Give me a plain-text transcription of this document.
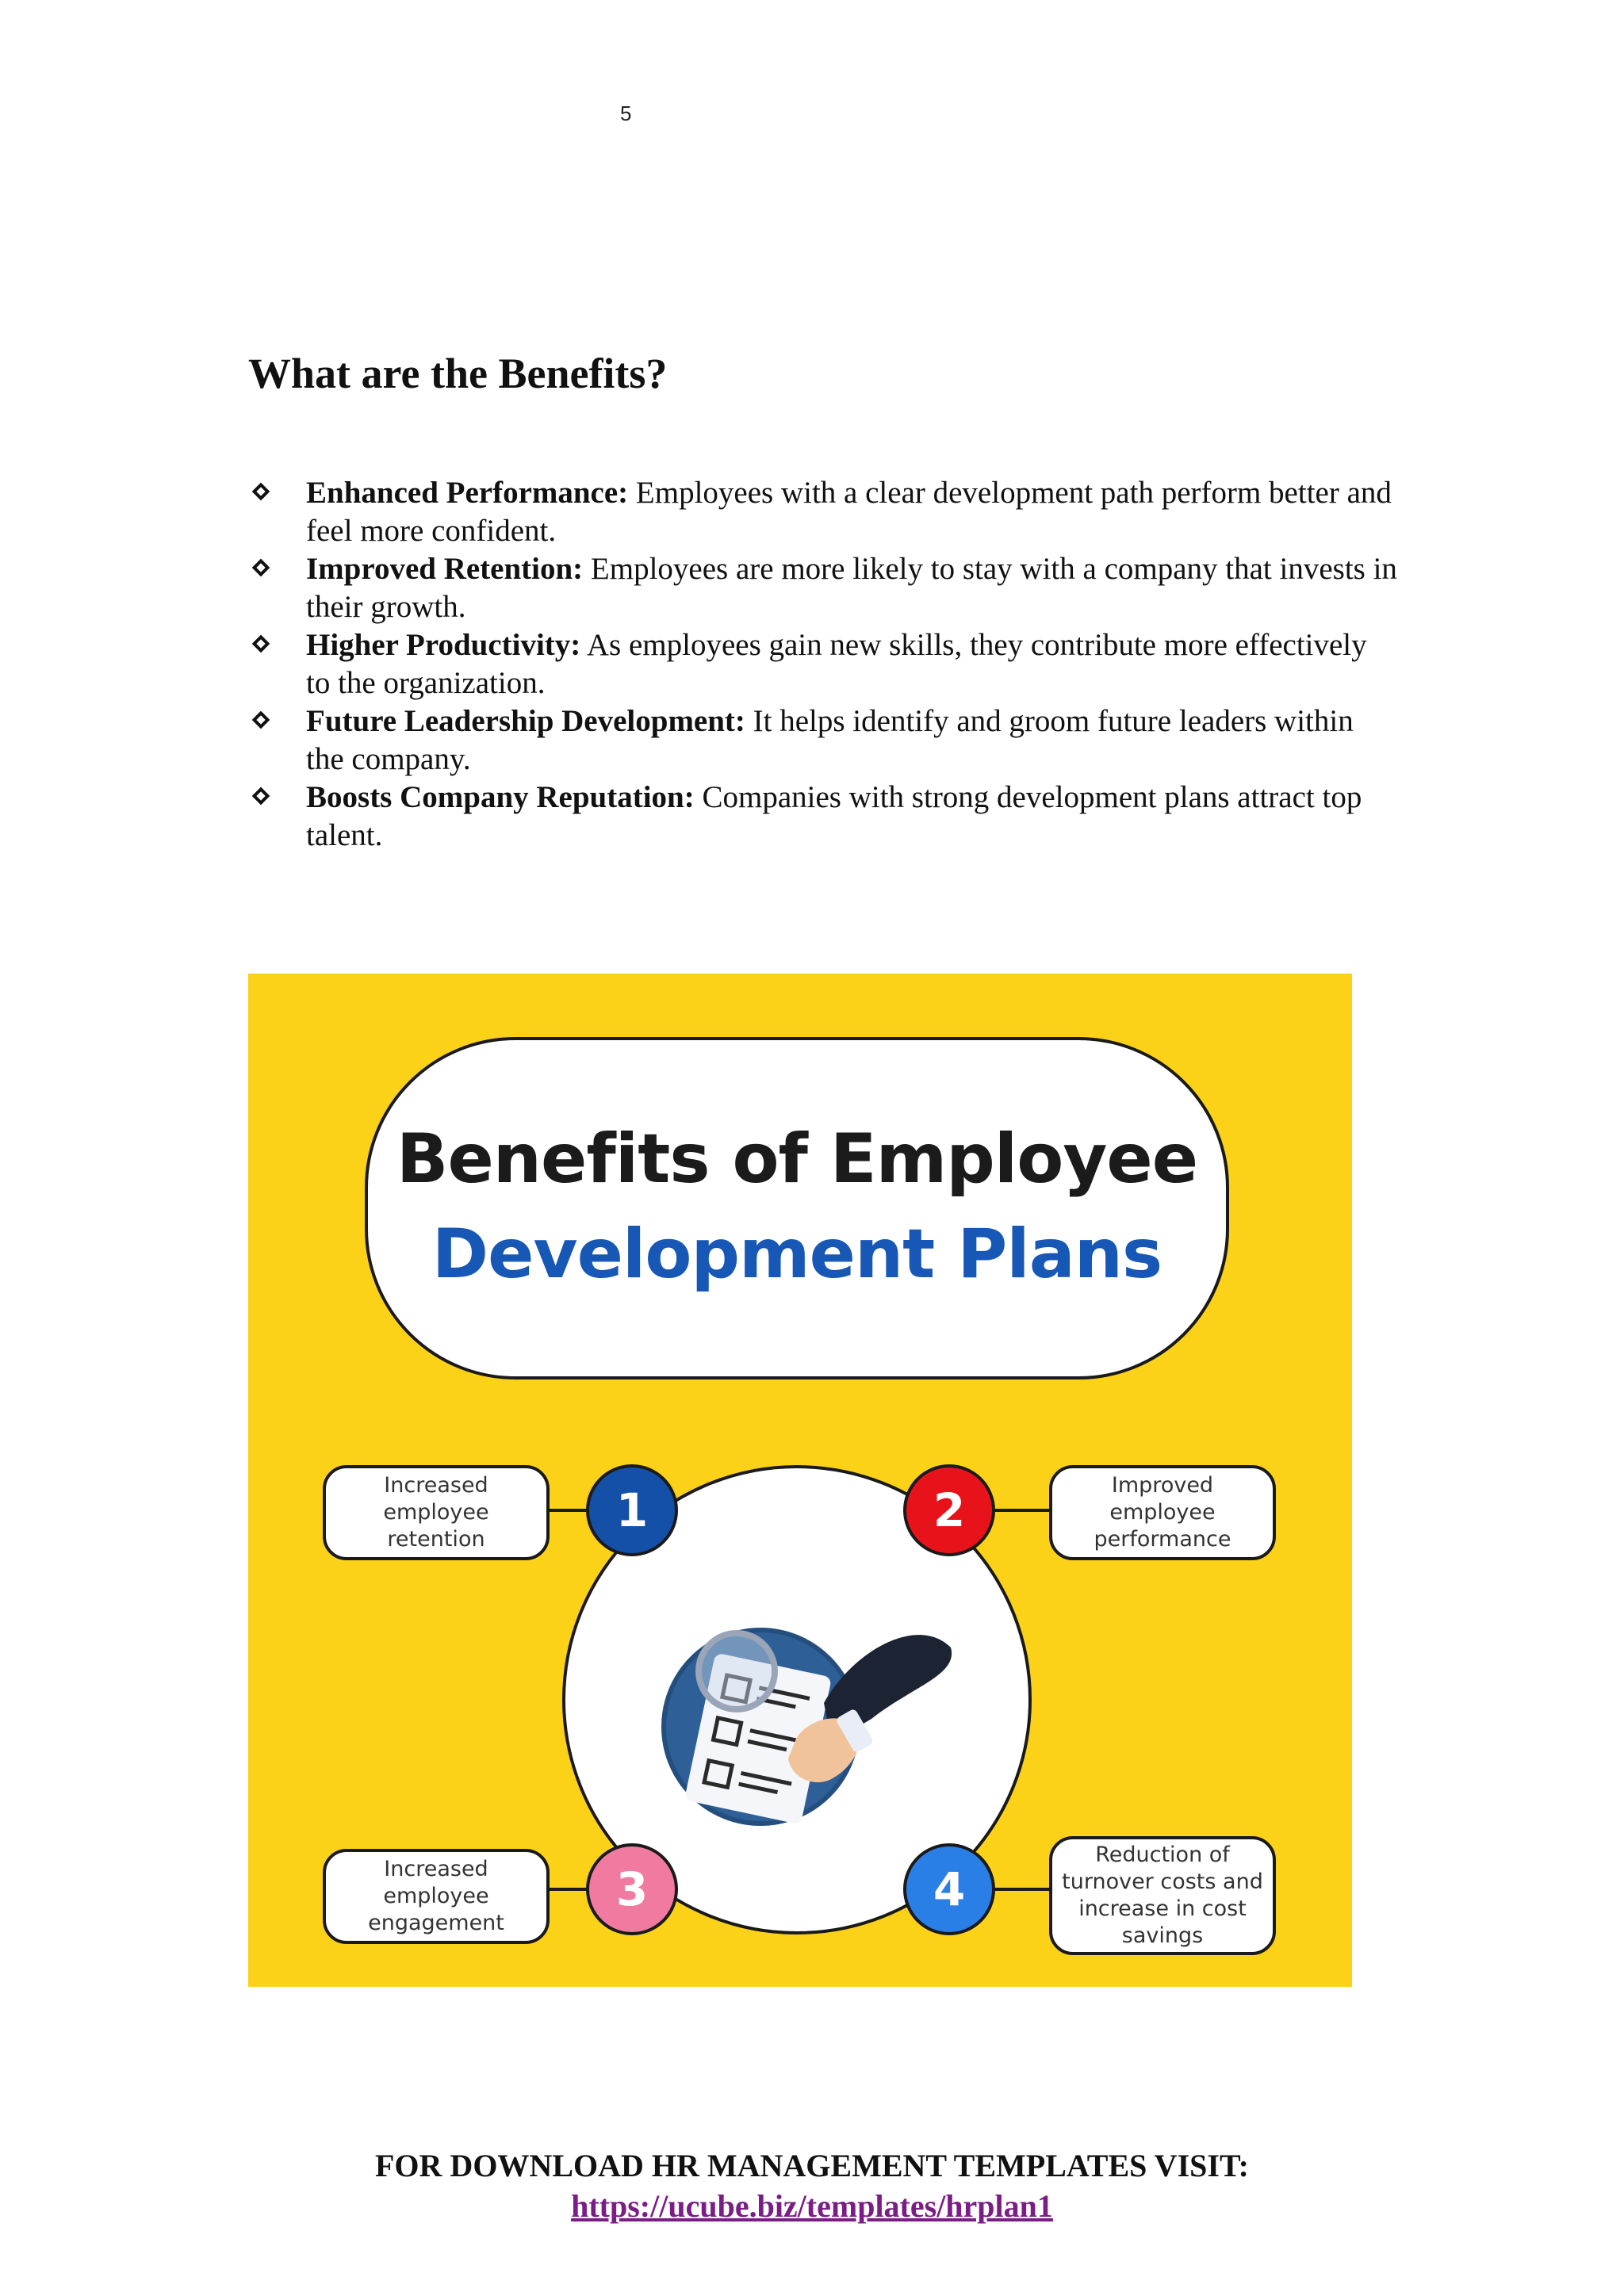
5
What are the Benefits?
Enhanced Performance: Employees with a clear development path perform better and feel more confident.
Improved Retention: Employees are more likely to stay with a company that invests in their growth.
Higher Productivity: As employees gain new skills, they contribute more effectively to the organization.
Future Leadership Development: It helps identify and groom future leaders within the company.
Boosts Company Reputation: Companies with strong development plans attract top talent.
Benefits of Employee
Development Plans
1	2
3	4
Increased employee retention
Improved employee performance
Increased employee engagement
Reduction of turnover costs and increase in cost savings

FOR DOWNLOAD HR MANAGEMENT TEMPLATES VISIT:

https://ucube.biz/templates/hrplan1
